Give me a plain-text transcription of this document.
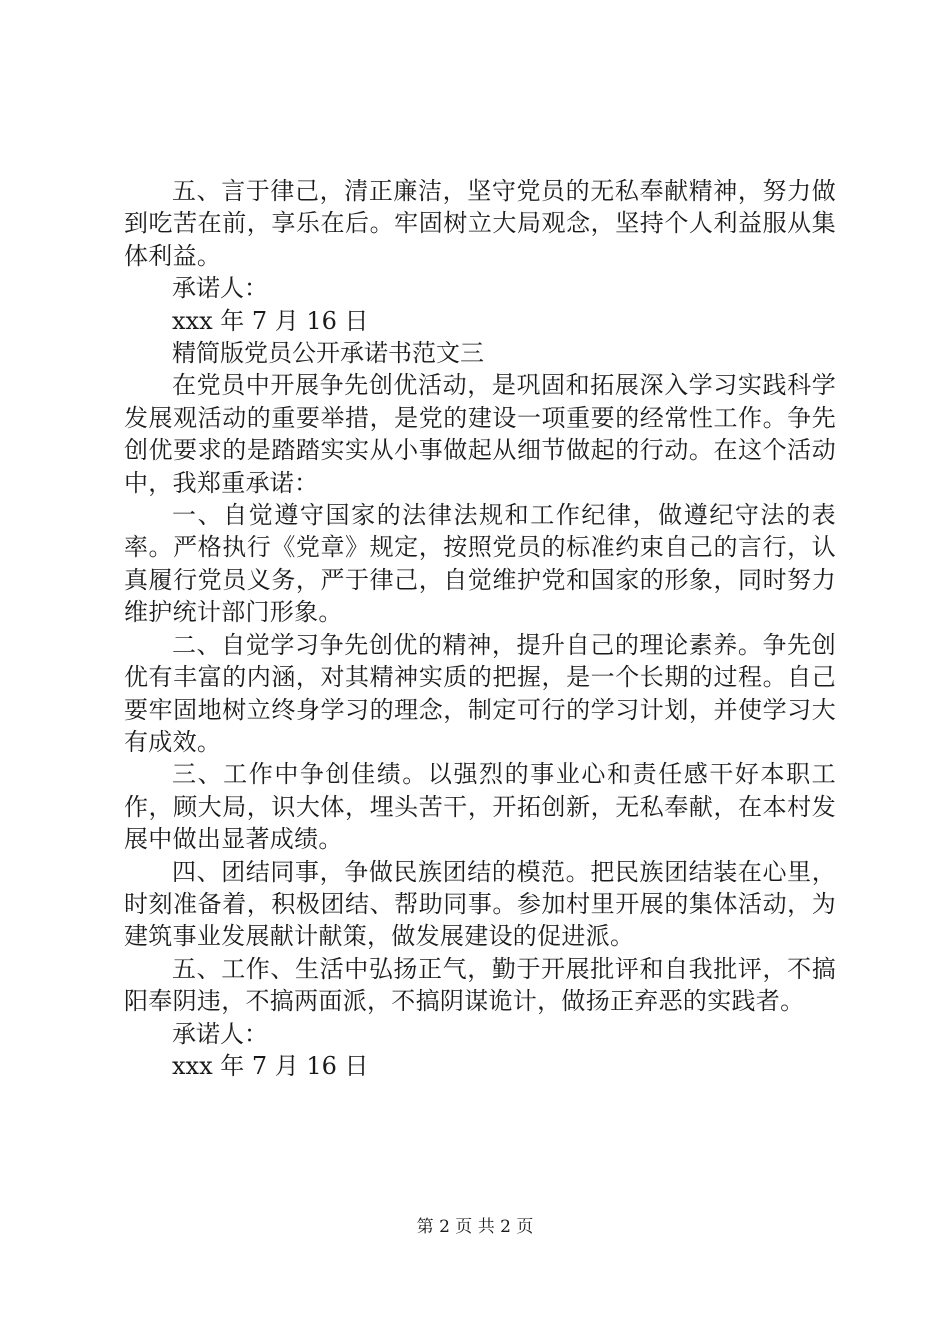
五、言于律己，清正廉洁，坚守党员的无私奉献精神，努力做到吃苦在前，享乐在后。牢固树立大局观念，坚持个人利益服从集体利益。

承诺人：

xxx 年 7 月 16 日

精简版党员公开承诺书范文三

在党员中开展争先创优活动，是巩固和拓展深入学习实践科学发展观活动的重要举措，是党的建设一项重要的经常性工作。争先创优要求的是踏踏实实从小事做起从细节做起的行动。在这个活动中，我郑重承诺：

一、自觉遵守国家的法律法规和工作纪律，做遵纪守法的表率。严格执行《党章》规定，按照党员的标准约束自己的言行，认真履行党员义务，严于律己，自觉维护党和国家的形象，同时努力维护统计部门形象。

二、自觉学习争先创优的精神，提升自己的理论素养。争先创优有丰富的内涵，对其精神实质的把握，是一个长期的过程。自己要牢固地树立终身学习的理念，制定可行的学习计划，并使学习大有成效。

三、工作中争创佳绩。以强烈的事业心和责任感干好本职工作，顾大局，识大体，埋头苦干，开拓创新，无私奉献，在本村发展中做出显著成绩。

四、团结同事，争做民族团结的模范。把民族团结装在心里，时刻准备着，积极团结、帮助同事。参加村里开展的集体活动，为建筑事业发展献计献策，做发展建设的促进派。

五、工作、生活中弘扬正气，勤于开展批评和自我批评，不搞阳奉阴违，不搞两面派，不搞阴谋诡计，做扬正弃恶的实践者。

承诺人：

xxx 年 7 月 16 日

第 2 页 共 2 页
